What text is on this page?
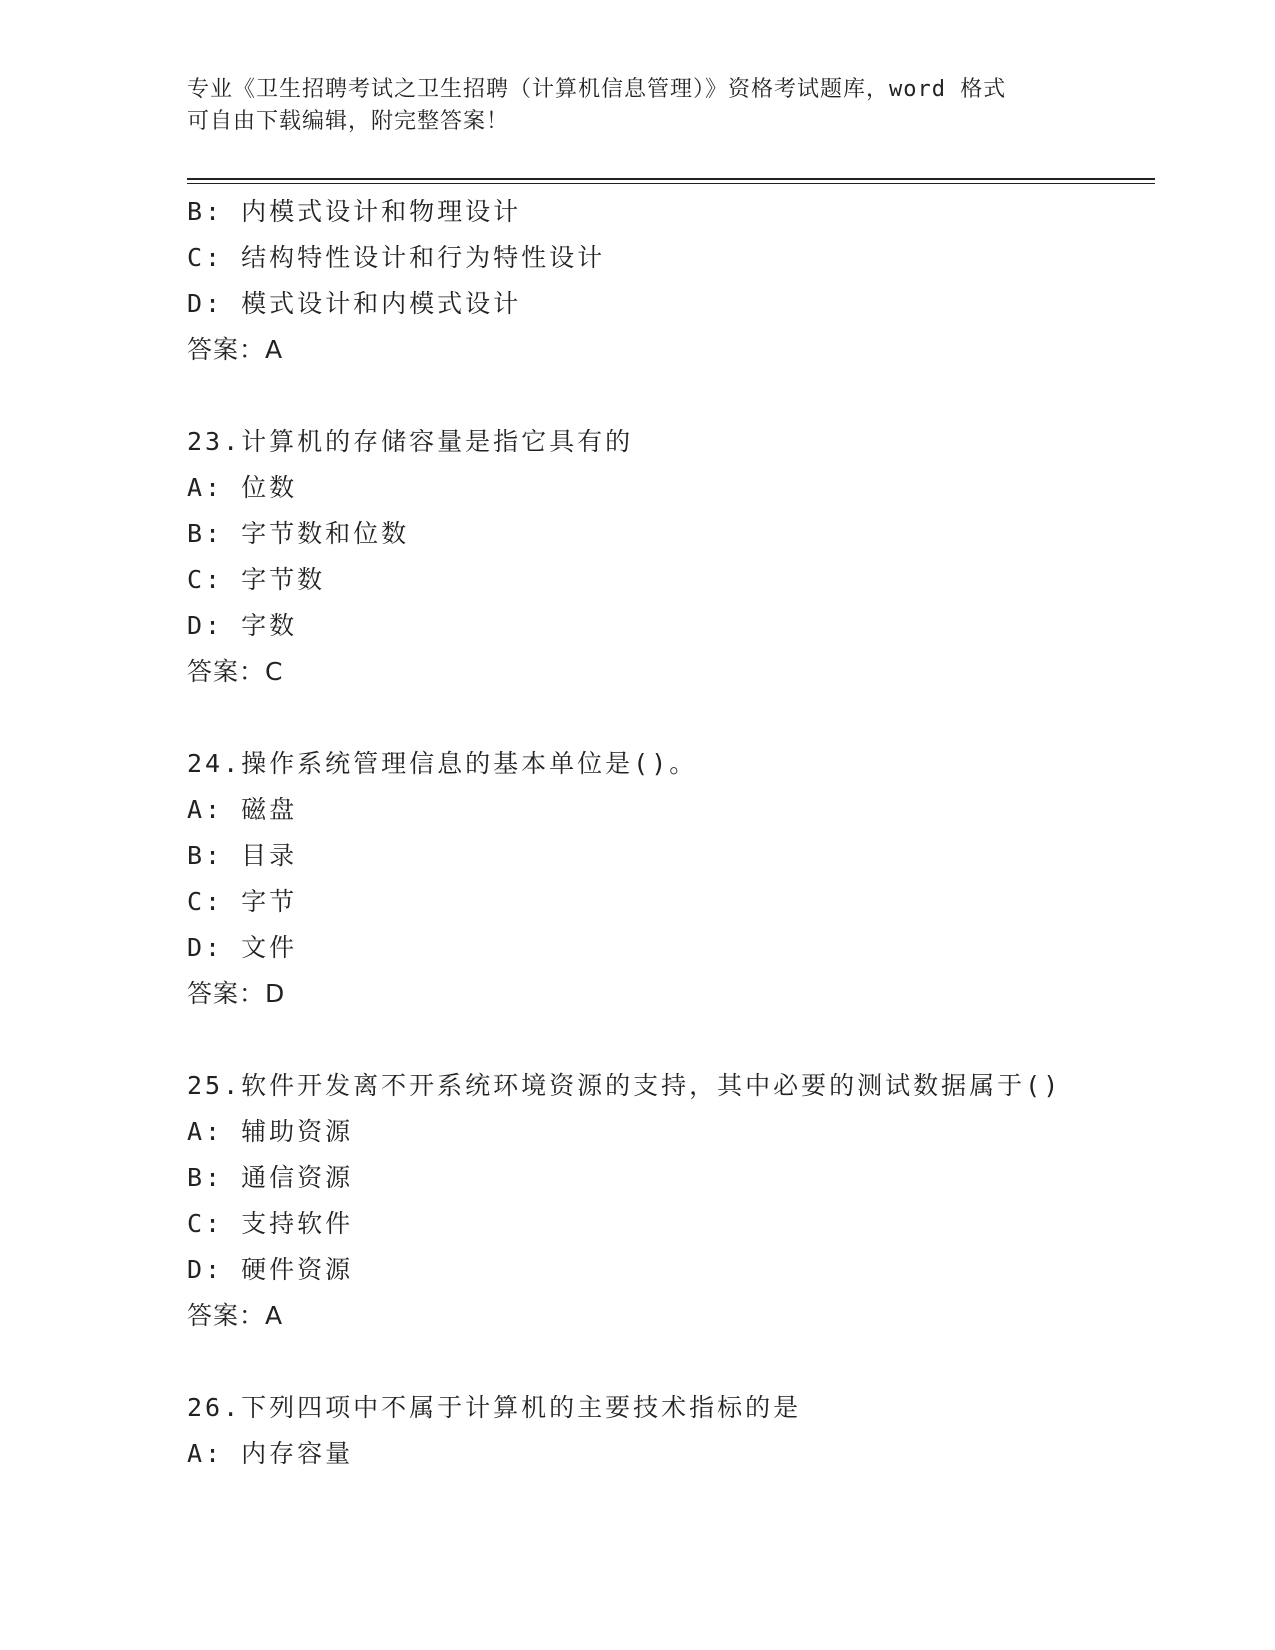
专业《卫生招聘考试之卫生招聘（计算机信息管理）》资格考试题库，word 格式
可自由下载编辑，附完整答案！
B: 内模式设计和物理设计
C: 结构特性设计和行为特性设计
D: 模式设计和内模式设计
答案：A
23.计算机的存储容量是指它具有的
A: 位数
B: 字节数和位数
C: 字节数
D: 字数
答案：C
24.操作系统管理信息的基本单位是()。
A: 磁盘
B: 目录
C: 字节
D: 文件
答案：D
25.软件开发离不开系统环境资源的支持，其中必要的测试数据属于()
A: 辅助资源
B: 通信资源
C: 支持软件
D: 硬件资源
答案：A
26.下列四项中不属于计算机的主要技术指标的是
A: 内存容量
